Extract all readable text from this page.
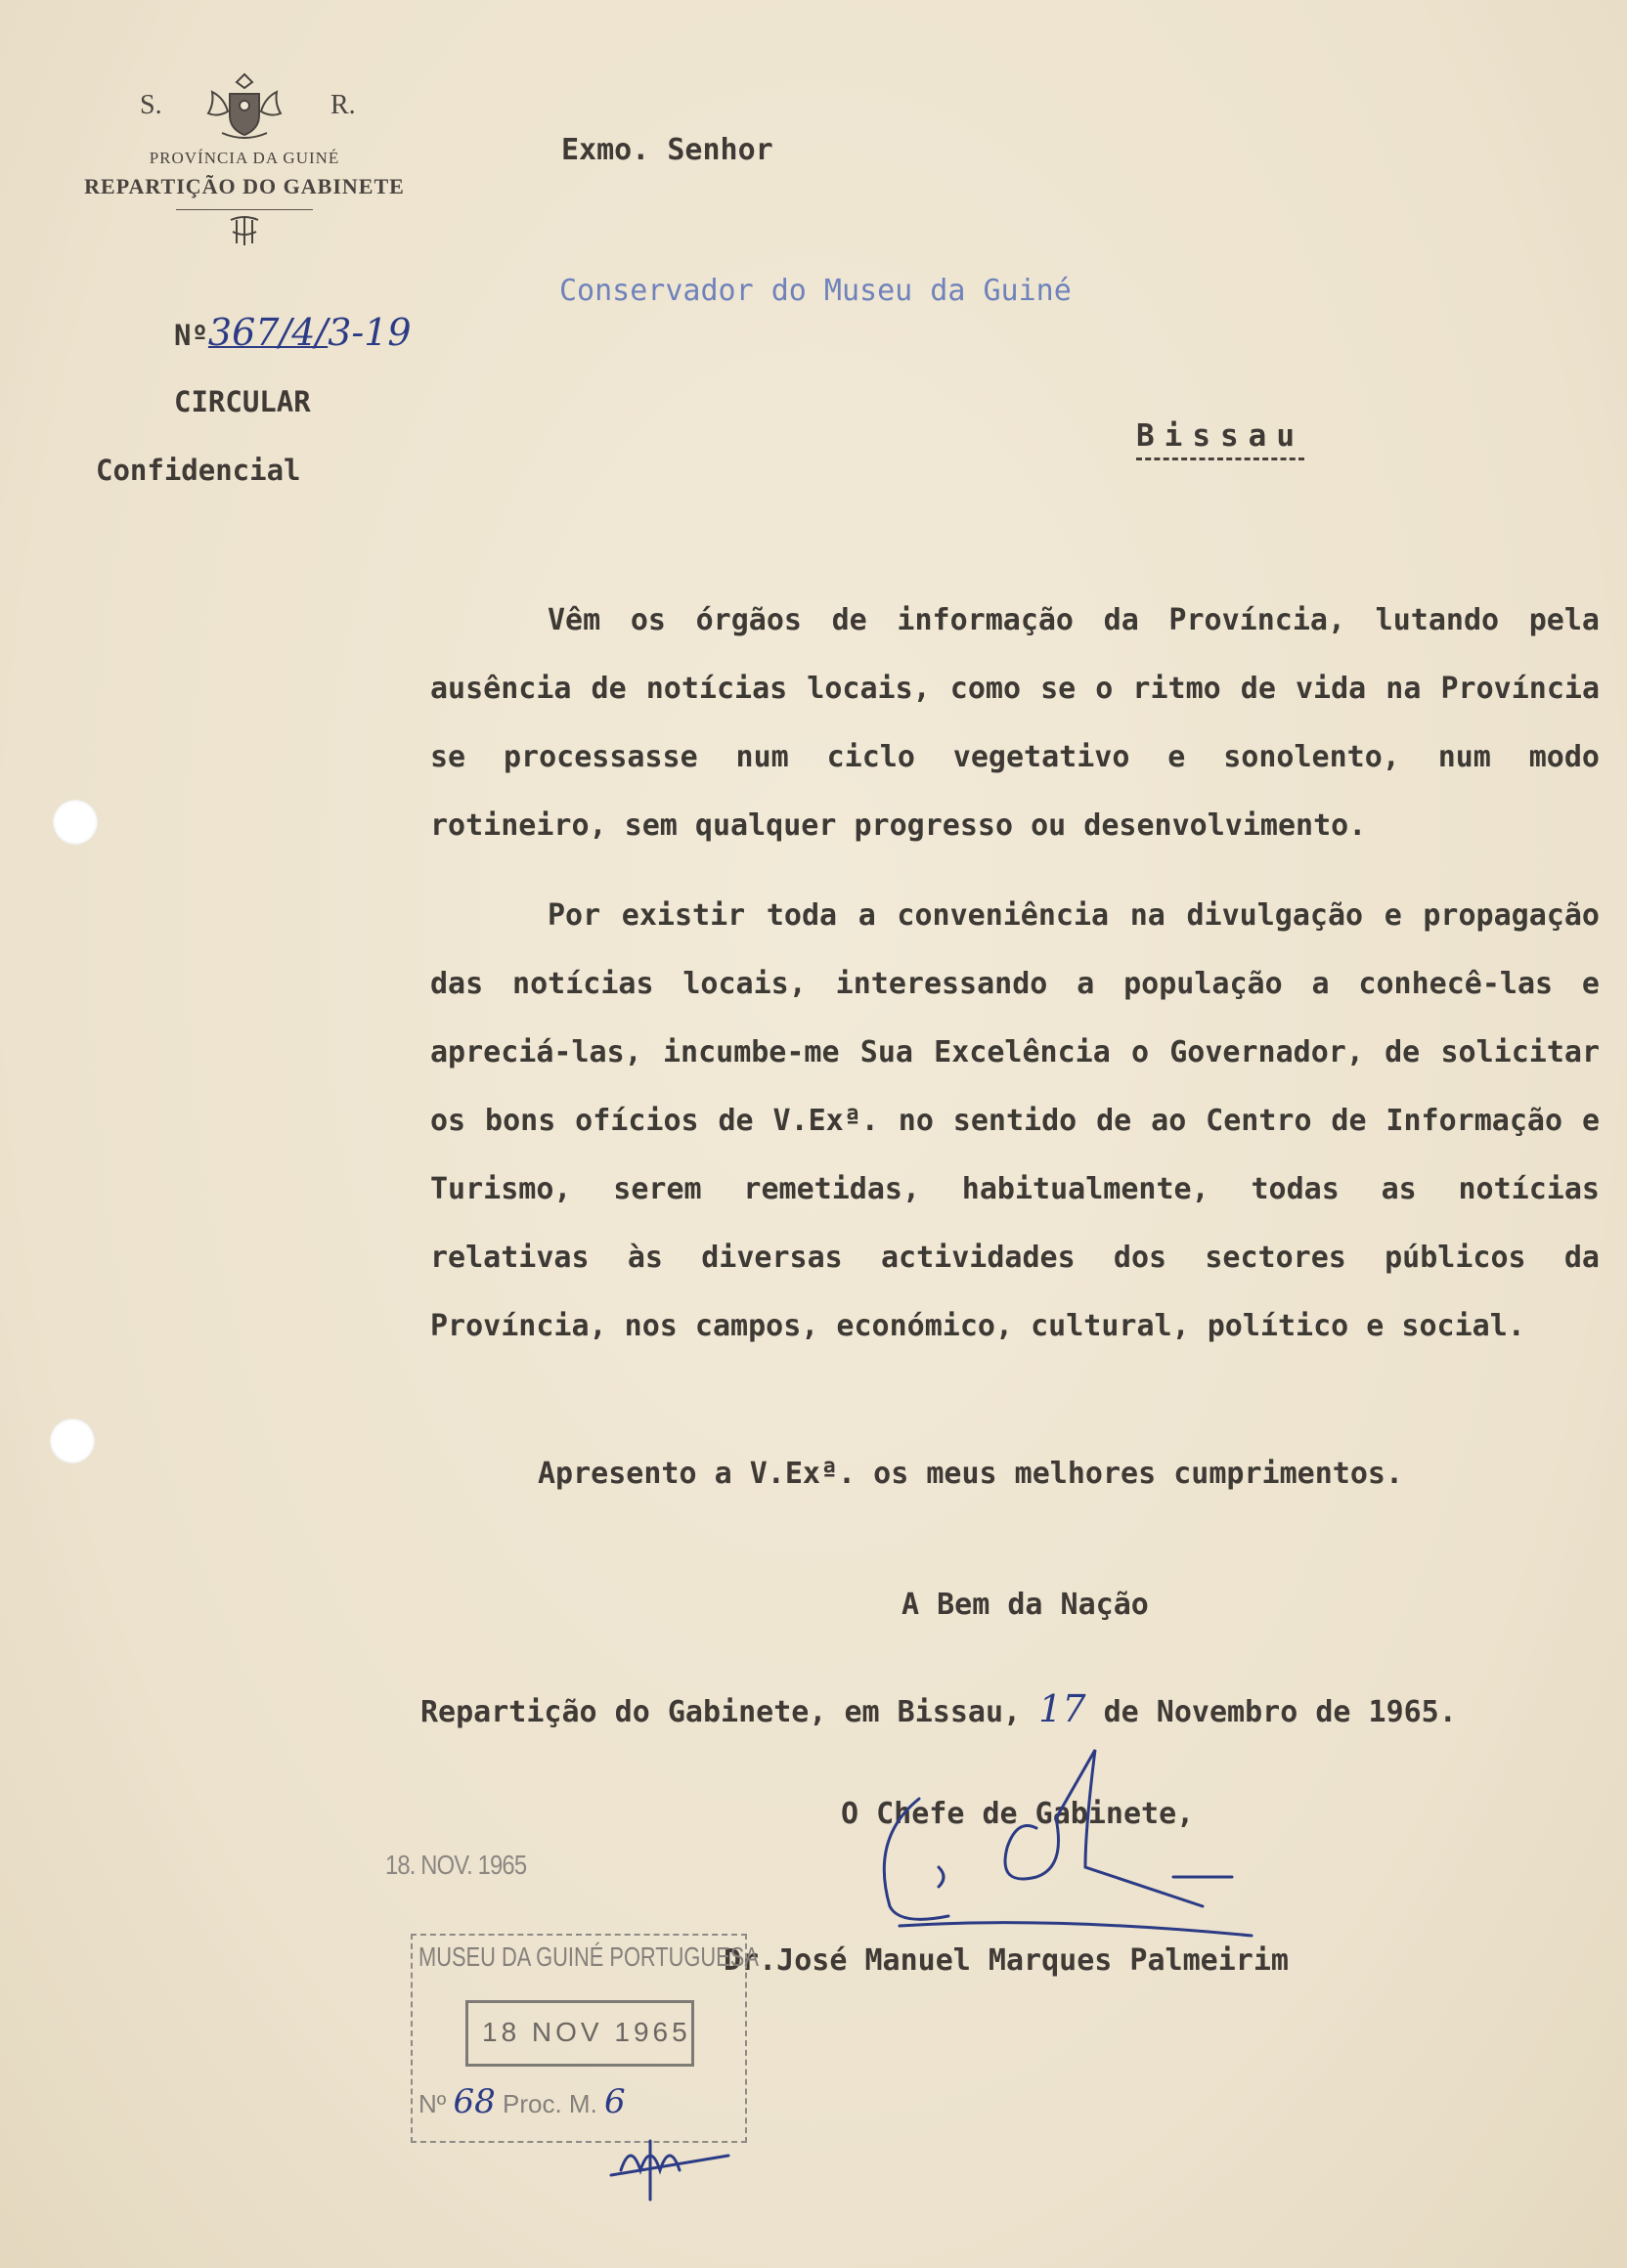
S.	R.
PROVÍNCIA DA GUINÉ
REPARTIÇÃO DO GABINETE
Nº367/4/3-19
CIRCULAR
Confidencial
Exmo. Senhor
Conservador do Museu da Guiné
Bissau

Vêm os órgãos de informação da Província, lutando pela ausência de notícias locais, como se o ritmo de vida na Província se processasse num ciclo vegetativo e sonolento, num modo rotineiro, sem qualquer progresso ou desenvolvimento.

Por existir toda a conveniência na divulgação e propagação das notícias locais, interessando a população a conhecê-las e apreciá-las, incumbe-me Sua Excelência o Governador, de solicitar os bons ofícios de V.Exª. no sentido de ao Centro de Informação e Turismo, serem remetidas, habitualmente, todas as notícias relativas às diversas actividades dos sectores públicos da Província, nos campos, económico, cultural, político e social.

Apresento a V.Exª. os meus melhores cumprimentos.
A Bem da Nação
Repartição do Gabinete, em Bissau, 17 de Novembro de 1965.
O Chefe de Gabinete,
Dr.José Manuel Marques Palmeirim
18. NOV. 1965
MUSEU DA GUINÉ PORTUGUESA
18 NOV 1965
Nº 68 Proc. M. 6
